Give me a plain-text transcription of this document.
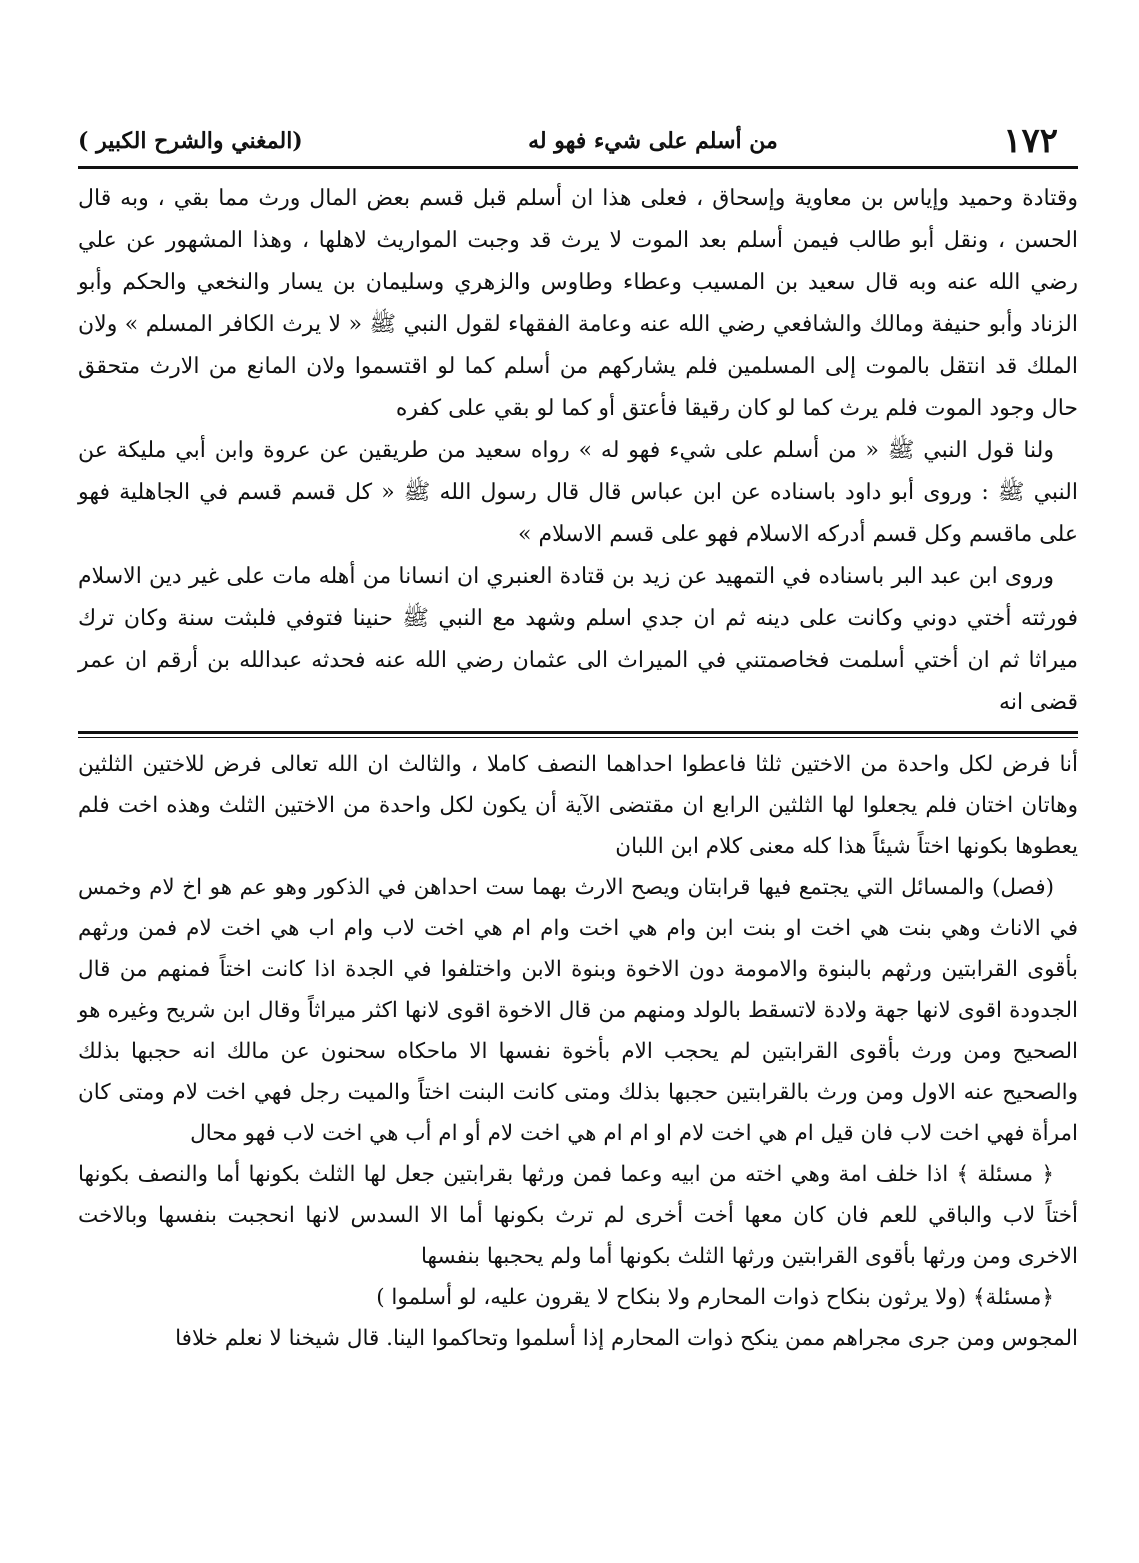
١٧٢
من أسلم على شيء فهو له
(المغني والشرح الكبير )

وقتادة وحميد وإياس بن معاوية وإسحاق ، فعلى هذا ان أسلم قبل قسم بعض المال ورث مما بقي ، وبه قال الحسن ، ونقل أبو طالب فيمن أسلم بعد الموت لا يرث قد وجبت المواريث لاهلها ، وهذا المشهور عن علي رضي الله عنه وبه قال سعيد بن المسيب وعطاء وطاوس والزهري وسليمان بن يسار والنخعي والحكم وأبو الزناد وأبو حنيفة ومالك والشافعي رضي الله عنه وعامة الفقهاء لقول النبي ﷺ « لا يرث الكافر المسلم » ولان الملك قد انتقل بالموت إلى المسلمين فلم يشاركهم من أسلم كما لو اقتسموا ولان المانع من الارث متحقق حال وجود الموت فلم يرث كما لو كان رقيقا فأعتق أو كما لو بقي على كفره

ولنا قول النبي ﷺ « من أسلم على شيء فهو له » رواه سعيد من طريقين عن عروة وابن أبي مليكة عن النبي ﷺ : وروى أبو داود باسناده عن ابن عباس قال قال رسول الله ﷺ « كل قسم قسم في الجاهلية فهو على ماقسم وكل قسم أدركه الاسلام فهو على قسم الاسلام »

وروى ابن عبد البر باسناده في التمهيد عن زيد بن قتادة العنبري ان انسانا من أهله مات على غير دين الاسلام فورثته أختي دوني وكانت على دينه ثم ان جدي اسلم وشهد مع النبي ﷺ حنينا فتوفي فلبثت سنة وكان ترك ميراثا ثم ان أختي أسلمت فخاصمتني في الميراث الى عثمان رضي الله عنه فحدثه عبدالله بن أرقم ان عمر قضى انه

أنا فرض لكل واحدة من الاختين ثلثا فاعطوا احداهما النصف كاملا ، والثالث ان الله تعالى فرض للاختين الثلثين وهاتان اختان فلم يجعلوا لها الثلثين الرابع ان مقتضى الآية أن يكون لكل واحدة من الاختين الثلث وهذه اخت فلم يعطوها بكونها اختاً شيئاً هذا كله معنى كلام ابن اللبان

(فصل) والمسائل التي يجتمع فيها قرابتان ويصح الارث بهما ست احداهن في الذكور وهو عم هو اخ لام وخمس في الاناث وهي بنت هي اخت او بنت ابن وام هي اخت وام ام هي اخت لاب وام اب هي اخت لام فمن ورثهم بأقوى القرابتين ورثهم بالبنوة والامومة دون الاخوة وبنوة الابن واختلفوا في الجدة اذا كانت اختاً فمنهم من قال الجدودة اقوى لانها جهة ولادة لاتسقط بالولد ومنهم من قال الاخوة اقوى لانها اكثر ميراثاً وقال ابن شريح وغيره هو الصحيح ومن ورث بأقوى القرابتين لم يحجب الام بأخوة نفسها الا ماحكاه سحنون عن مالك انه حجبها بذلك والصحيح عنه الاول ومن ورث بالقرابتين حجبها بذلك ومتى كانت البنت اختاً والميت رجل فهي اخت لام ومتى كان امرأة فهي اخت لاب فان قيل ام هي اخت لام او ام ام هي اخت لام أو ام أب هي اخت لاب فهو محال

﴿ مسئلة ﴾ اذا خلف امة وهي اخته من ابيه وعما فمن ورثها بقرابتين جعل لها الثلث بكونها أما والنصف بكونها أختاً لاب والباقي للعم فان كان معها أخت أخرى لم ترث بكونها أما الا السدس لانها انحجبت بنفسها وبالاخت الاخرى ومن ورثها بأقوى القرابتين ورثها الثلث بكونها أما ولم يحجبها بنفسها

﴿مسئلة﴾ (ولا يرثون بنكاح ذوات المحارم ولا بنكاح لا يقرون عليه، لو أسلموا )

المجوس ومن جرى مجراهم ممن ينكح ذوات المحارم إذا أسلموا وتحاكموا الينا. قال شيخنا لا نعلم خلافا
